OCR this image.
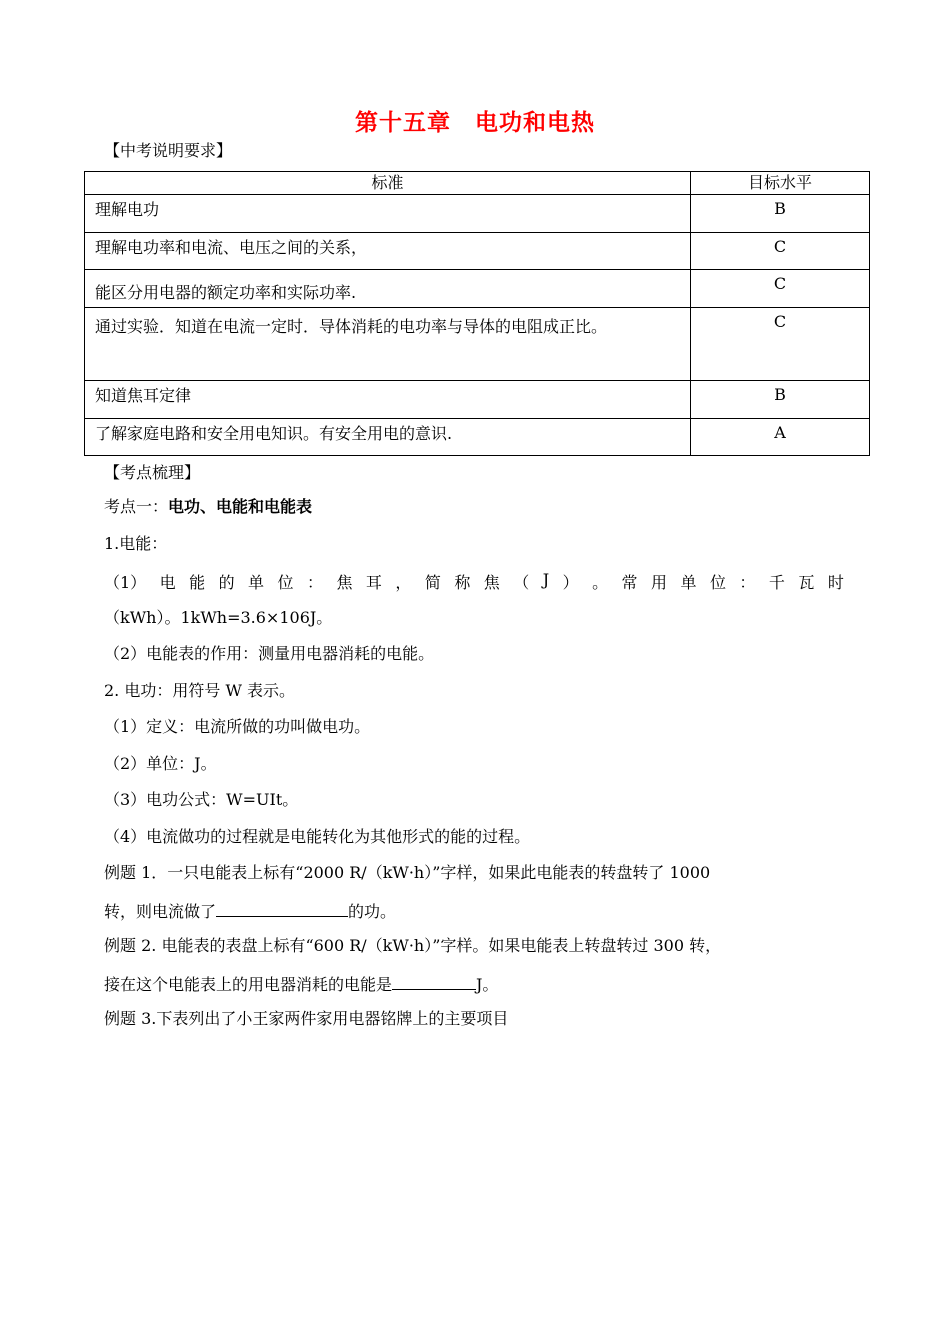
第十五章　电功和电热
【中考说明要求】
标准	目标水平
理解电功	B
理解电功率和电流、电压之间的关系，	C
能区分用电器的额定功率和实际功率.	C
通过实验．知道在电流一定时．导体消耗的电功率与导体的电阻成正比。	C
知道焦耳定律	B
了解家庭电路和安全用电知识。有安全用电的意识.	A
【考点梳理】
考点一：电功、电能和电能表
1.电能：
（1） 电 能 的 单 位 ： 焦 耳 ， 简 称 焦 （ J ） 。 常 用 单 位 ： 千 瓦 时
（kWh）。1kWh=3.6×106J。
（2）电能表的作用：测量用电器消耗的电能。
2. 电功：用符号 W 表示。
（1）定义：电流所做的功叫做电功。
（2）单位：J。
（3）电功公式：W=UIt。
（4）电流做功的过程就是电能转化为其他形式的能的过程。
例题 1．一只电能表上标有“2000 R/（kW·h）”字样，如果此电能表的转盘转了 1000
转，则电流做了	的功。
例题 2. 电能表的表盘上标有“600 R/（kW·h）”字样。如果电能表上转盘转过 300 转，
接在这个电能表上的用电器消耗的电能是	J。
例题 3.下表列出了小王家两件家用电器铭牌上的主要项目
